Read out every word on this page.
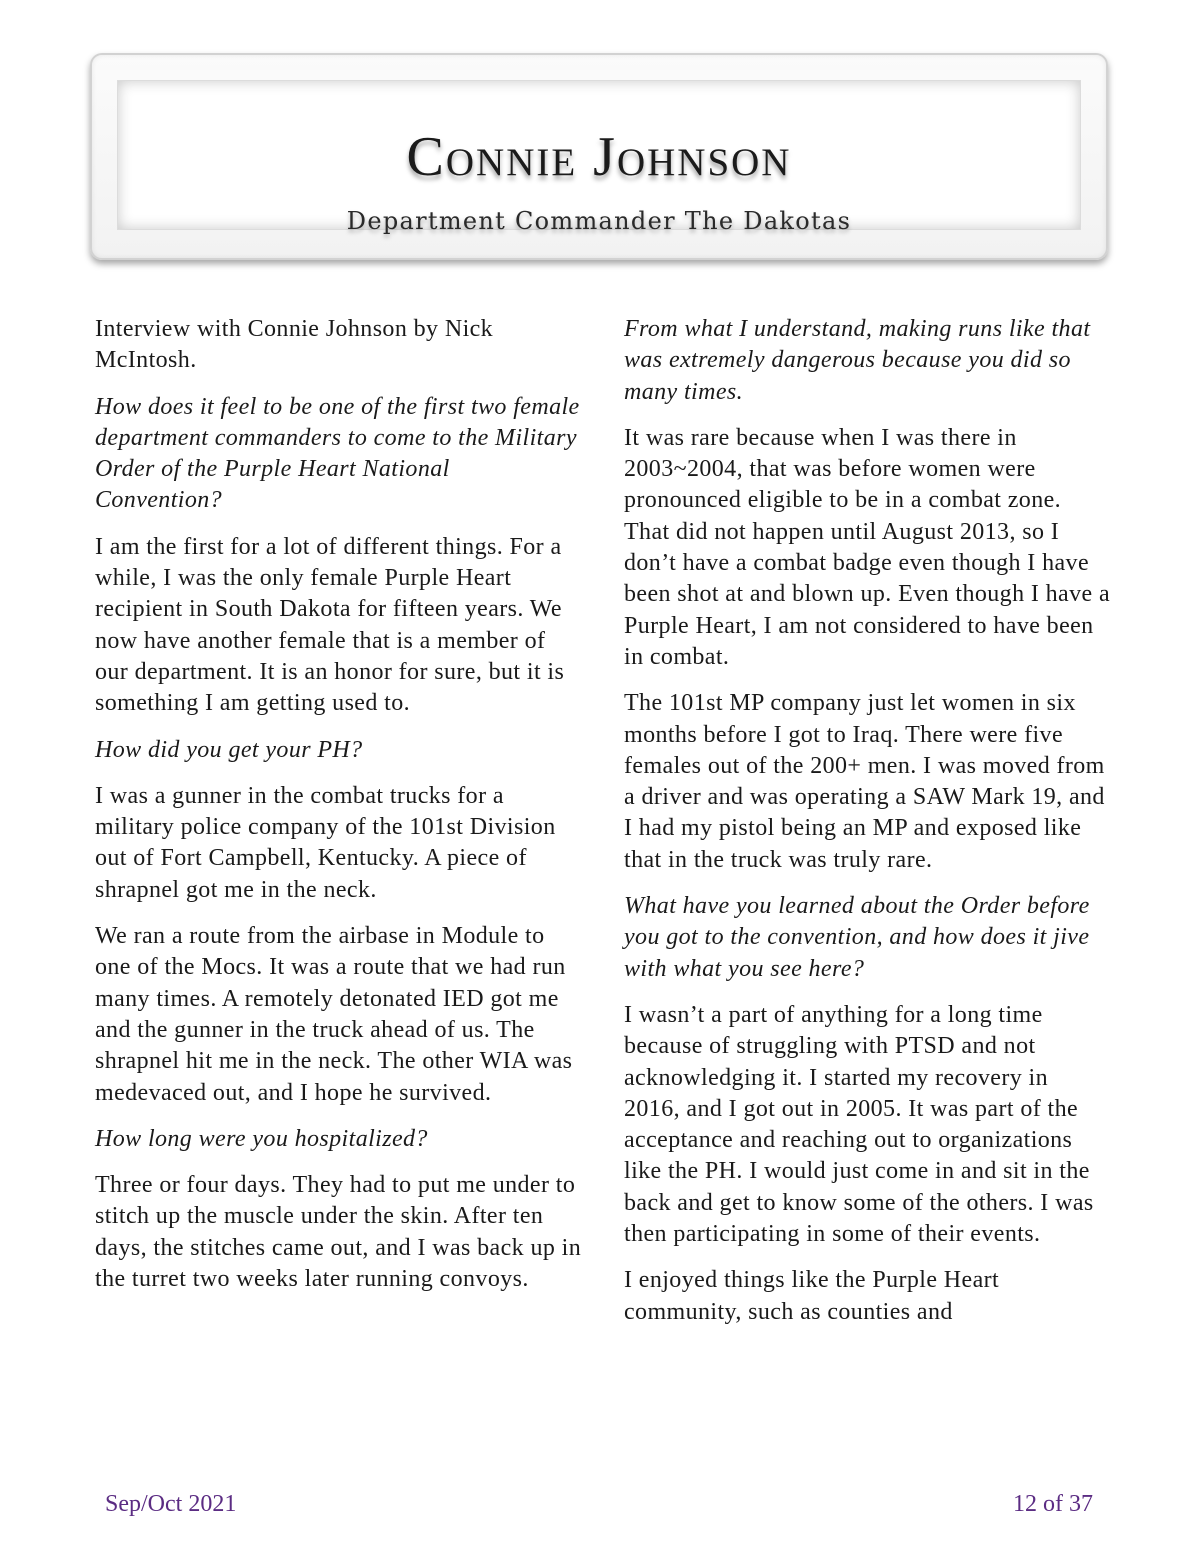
Connie Johnson
Department Commander The Dakotas

Interview with Connie Johnson by Nick McIntosh.

How does it feel to be one of the first two female department commanders to come to the Military Order of the Purple Heart National Convention?

I am the first for a lot of different things. For a while, I was the only female Purple Heart recipient in South Dakota for fifteen years. We now have another female that is a member of our department. It is an honor for sure, but it is something I am getting used to.

How did you get your PH?

I was a gunner in the combat trucks for a military police company of the 101st Division out of Fort Campbell, Kentucky. A piece of shrapnel got me in the neck.

We ran a route from the airbase in Module to one of the Mocs. It was a route that we had run many times. A remotely detonated IED got me and the gunner in the truck ahead of us. The shrapnel hit me in the neck. The other WIA was medevaced out, and I hope he survived.

How long were you hospitalized?

Three or four days. They had to put me under to stitch up the muscle under the skin. After ten days, the stitches came out, and I was back up in the turret two weeks later running convoys.

From what I understand, making runs like that was extremely dangerous because you did so many times.

It was rare because when I was there in 2003~2004, that was before women were pronounced eligible to be in a combat zone. That did not happen until August 2013, so I don’t have a combat badge even though I have been shot at and blown up. Even though I have a Purple Heart, I am not considered to have been in combat.

The 101st MP company just let women in six months before I got to Iraq. There were five females out of the 200+ men. I was moved from a driver and was operating a SAW Mark 19, and I had my pistol being an MP and exposed like that in the truck was truly rare.

What have you learned about the Order before you got to the convention, and how does it jive with what you see here?

I wasn’t a part of anything for a long time because of struggling with PTSD and not acknowledging it. I started my recovery in 2016, and I got out in 2005. It was part of the acceptance and reaching out to organizations like the PH. I would just come in and sit in the back and get to know some of the others. I was then participating in some of their events.

I enjoyed things like the Purple Heart community, such as counties and

Sep/Oct 2021	12 of 37
